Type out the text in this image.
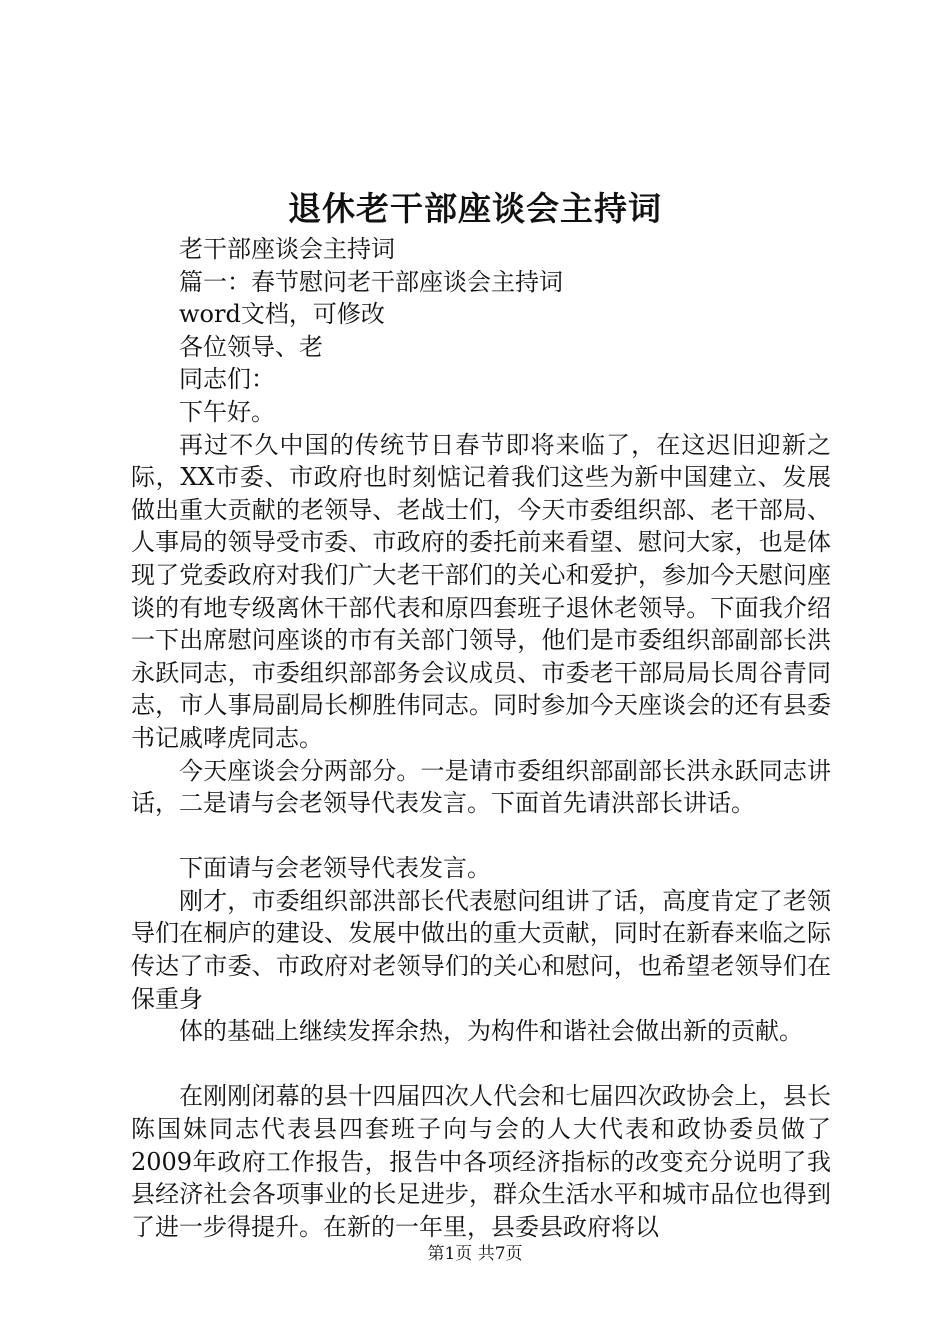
退休老干部座谈会主持词

老干部座谈会主持词

篇一：春节慰问老干部座谈会主持词

word文档，可修改

各位领导、老

同志们：

下午好。

再过不久中国的传统节日春节即将来临了，在这迟旧迎新之际，XX市委、市政府也时刻惦记着我们这些为新中国建立、发展做出重大贡献的老领导、老战士们，今天市委组织部、老干部局、人事局的领导受市委、市政府的委托前来看望、慰问大家，也是体现了党委政府对我们广大老干部们的关心和爱护，参加今天慰问座谈的有地专级离休干部代表和原四套班子退休老领导。下面我介绍一下出席慰问座谈的市有关部门领导，他们是市委组织部副部长洪永跃同志，市委组织部部务会议成员、市委老干部局局长周谷青同志，市人事局副局长柳胜伟同志。同时参加今天座谈会的还有县委书记戚哮虎同志。

今天座谈会分两部分。一是请市委组织部副部长洪永跃同志讲话，二是请与会老领导代表发言。下面首先请洪部长讲话。

下面请与会老领导代表发言。

刚才，市委组织部洪部长代表慰问组讲了话，高度肯定了老领导们在桐庐的建设、发展中做出的重大贡献，同时在新春来临之际传达了市委、市政府对老领导们的关心和慰问，也希望老领导们在保重身

体的基础上继续发挥余热，为构件和谐社会做出新的贡献。

在刚刚闭幕的县十四届四次人代会和七届四次政协会上，县长陈国妹同志代表县四套班子向与会的人大代表和政协委员做了2009年政府工作报告，报告中各项经济指标的改变充分说明了我县经济社会各项事业的长足进步，群众生活水平和城市品位也得到了进一步得提升。在新的一年里，县委县政府将以

第1页 共7页
